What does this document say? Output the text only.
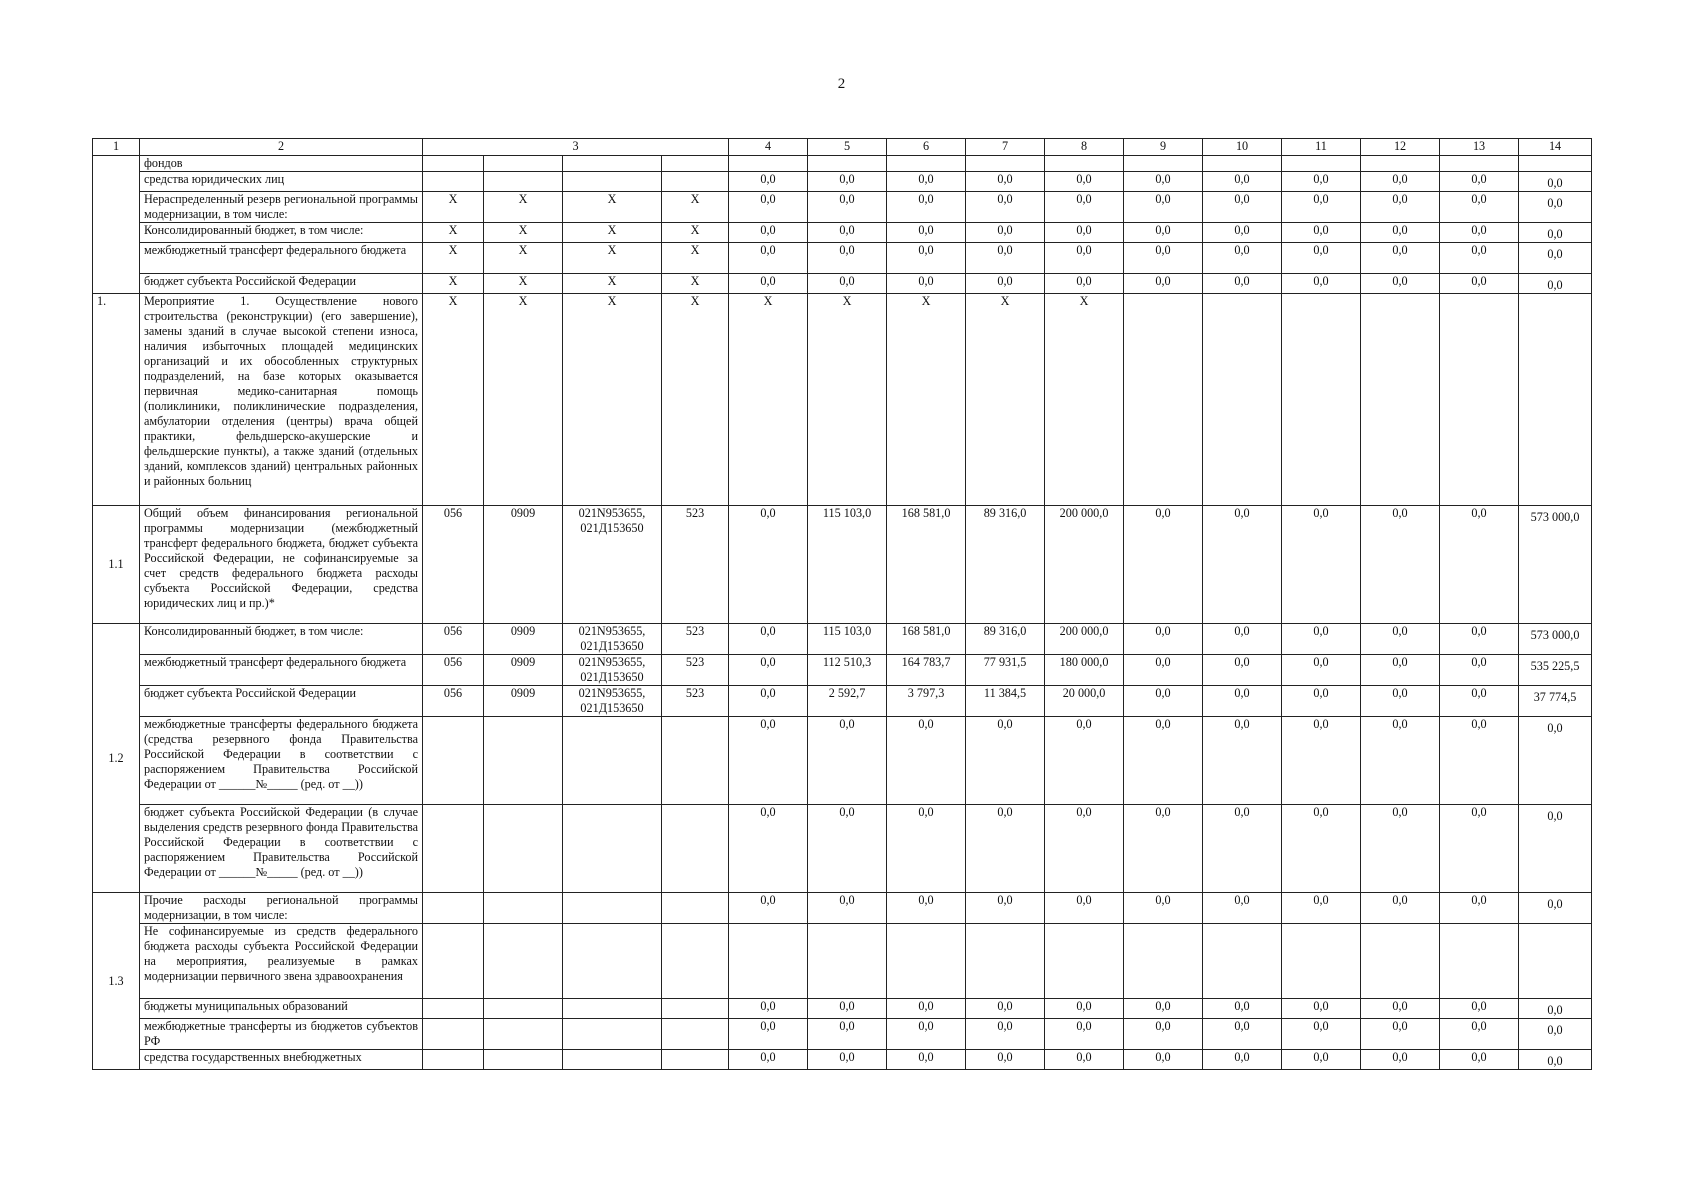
2
1	2	3				4	5	6	7	8	9	10	11	12	13	14
	фондов															
	средства юридических лиц					0,0	0,0	0,0	0,0	0,0	0,0	0,0	0,0	0,0	0,0	0,0
	Нераспределенный резерв региональной программы модернизации, в том числе:	X	X	X	X	0,0	0,0	0,0	0,0	0,0	0,0	0,0	0,0	0,0	0,0	0,0
	Консолидированный бюджет, в том числе:	X	X	X	X	0,0	0,0	0,0	0,0	0,0	0,0	0,0	0,0	0,0	0,0	0,0
	межбюджетный трансферт федерального бюджета	X	X	X	X	0,0	0,0	0,0	0,0	0,0	0,0	0,0	0,0	0,0	0,0	0,0
	бюджет субъекта Российской Федерации	X	X	X	X	0,0	0,0	0,0	0,0	0,0	0,0	0,0	0,0	0,0	0,0	0,0
1.	Мероприятие 1. Осуществление нового строительства (реконструкции) (его завершение), замены зданий в случае высокой степени износа, наличия избыточных площадей медицинских организаций и их обособленных структурных подразделений, на базе которых оказывается первичная медико-санитарная помощь (поликлиники, поликлинические подразделения, амбулатории отделения (центры) врача общей практики, фельдшерско-акушерские и фельдшерские пункты), а также зданий (отдельных зданий, комплексов зданий) центральных районных и районных больниц	X	X	X	X	X	X	X	X	X						
1.1	Общий объем финансирования региональной программы модернизации (межбюджетный трансферт федерального бюджета, бюджет субъекта Российской Федерации, не софинансируемые за счет средств федерального бюджета расходы субъекта Российской Федерации, средства юридических лиц и пр.)*	056	0909	021N953655, 021Д153650	523	0,0	115 103,0	168 581,0	89 316,0	200 000,0	0,0	0,0	0,0	0,0	0,0	573 000,0
1.2	Консолидированный бюджет, в том числе:	056	0909	021N953655, 021Д153650	523	0,0	115 103,0	168 581,0	89 316,0	200 000,0	0,0	0,0	0,0	0,0	0,0	573 000,0
	межбюджетный трансферт федерального бюджета	056	0909	021N953655, 021Д153650	523	0,0	112 510,3	164 783,7	77 931,5	180 000,0	0,0	0,0	0,0	0,0	0,0	535 225,5
	бюджет субъекта Российской Федерации	056	0909	021N953655, 021Д153650	523	0,0	2 592,7	3 797,3	11 384,5	20 000,0	0,0	0,0	0,0	0,0	0,0	37 774,5
	межбюджетные трансферты федерального бюджета (средства резервного фонда Правительства Российской Федерации в соответствии с распоряжением Правительства Российской Федерации от ______№_____ (ред. от __))					0,0	0,0	0,0	0,0	0,0	0,0	0,0	0,0	0,0	0,0	0,0
	бюджет субъекта Российской Федерации (в случае выделения средств резервного фонда Правительства Российской Федерации в соответствии с распоряжением Правительства Российской Федерации от ______№_____ (ред. от __))					0,0	0,0	0,0	0,0	0,0	0,0	0,0	0,0	0,0	0,0	0,0
1.3	Прочие расходы региональной программы модернизации, в том числе:					0,0	0,0	0,0	0,0	0,0	0,0	0,0	0,0	0,0	0,0	0,0
	Не софинансируемые из средств федерального бюджета расходы субъекта Российской Федерации на мероприятия, реализуемые в рамках модернизации первичного звена здравоохранения															
	бюджеты муниципальных образований					0,0	0,0	0,0	0,0	0,0	0,0	0,0	0,0	0,0	0,0	0,0
	межбюджетные трансферты из бюджетов субъектов РФ					0,0	0,0	0,0	0,0	0,0	0,0	0,0	0,0	0,0	0,0	0,0
	средства государственных внебюджетных					0,0	0,0	0,0	0,0	0,0	0,0	0,0	0,0	0,0	0,0	0,0
